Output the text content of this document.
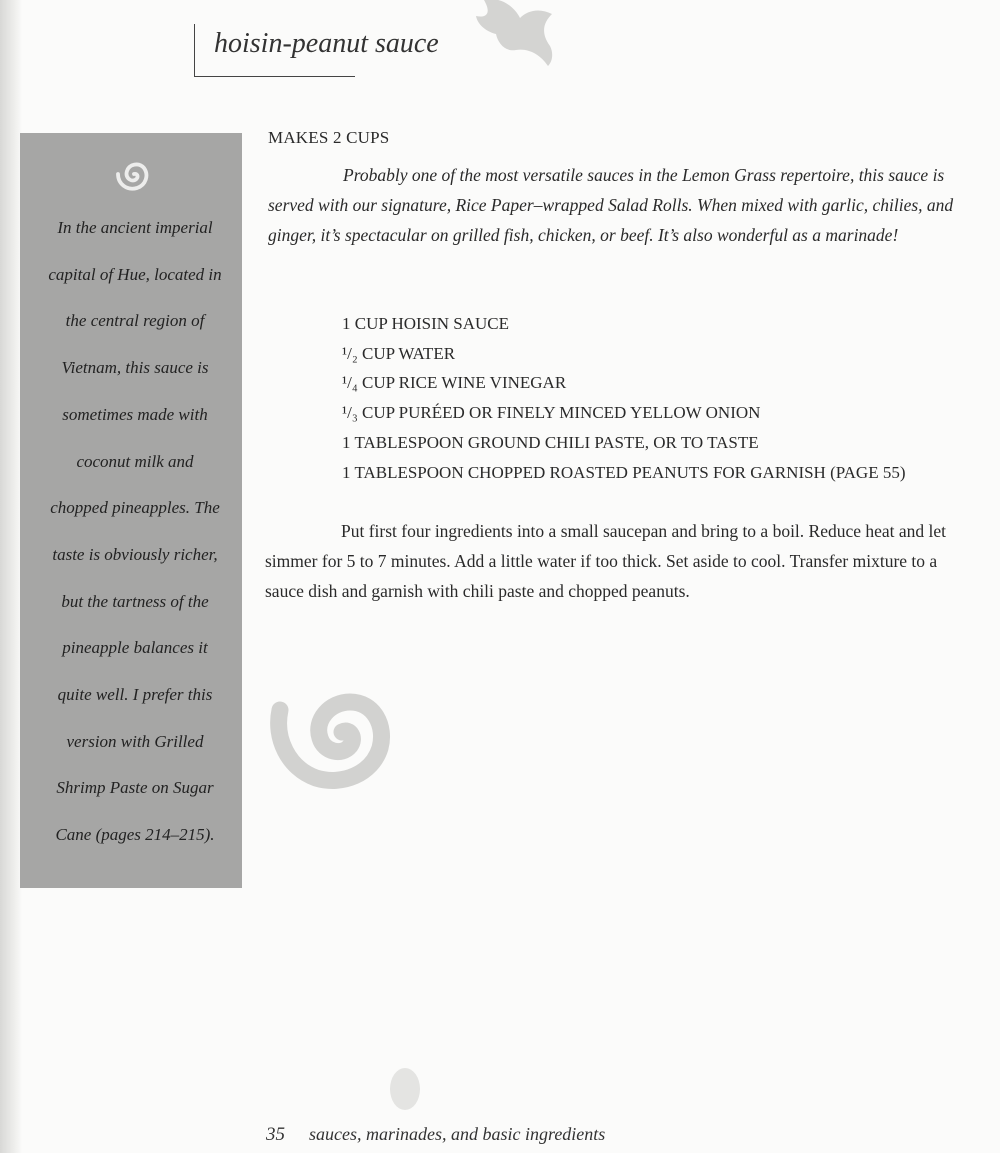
hoisin-peanut sauce
In the ancient imperial
capital of Hue, located in
the central region of
Vietnam, this sauce is
sometimes made with
coconut milk and
chopped pineapples. The
taste is obviously richer,
but the tartness of the
pineapple balances it
quite well. I prefer this
version with Grilled
Shrimp Paste on Sugar
Cane (pages 214–215).
MAKES 2 CUPS

Probably one of the most versatile sauces in the Lemon Grass repertoire, this sauce is served with our signature, Rice Paper–wrapped Salad Rolls. When mixed with garlic, chilies, and ginger, it’s spectacular on grilled fish, chicken, or beef. It’s also wonderful as a marinade!

1 CUP HOISIN SAUCE
¹/₂ CUP WATER
¹/₄ CUP RICE WINE VINEGAR
¹/₃ CUP PURÉED OR FINELY MINCED YELLOW ONION
1 TABLESPOON GROUND CHILI PASTE, OR TO TASTE
1 TABLESPOON CHOPPED ROASTED PEANUTS FOR GARNISH (PAGE 55)

Put first four ingredients into a small saucepan and bring to a boil. Reduce heat and let simmer for 5 to 7 minutes. Add a little water if too thick. Set aside to cool. Transfer mixture to a sauce dish and garnish with chili paste and chopped peanuts.

35 sauces, marinades, and basic ingredients
